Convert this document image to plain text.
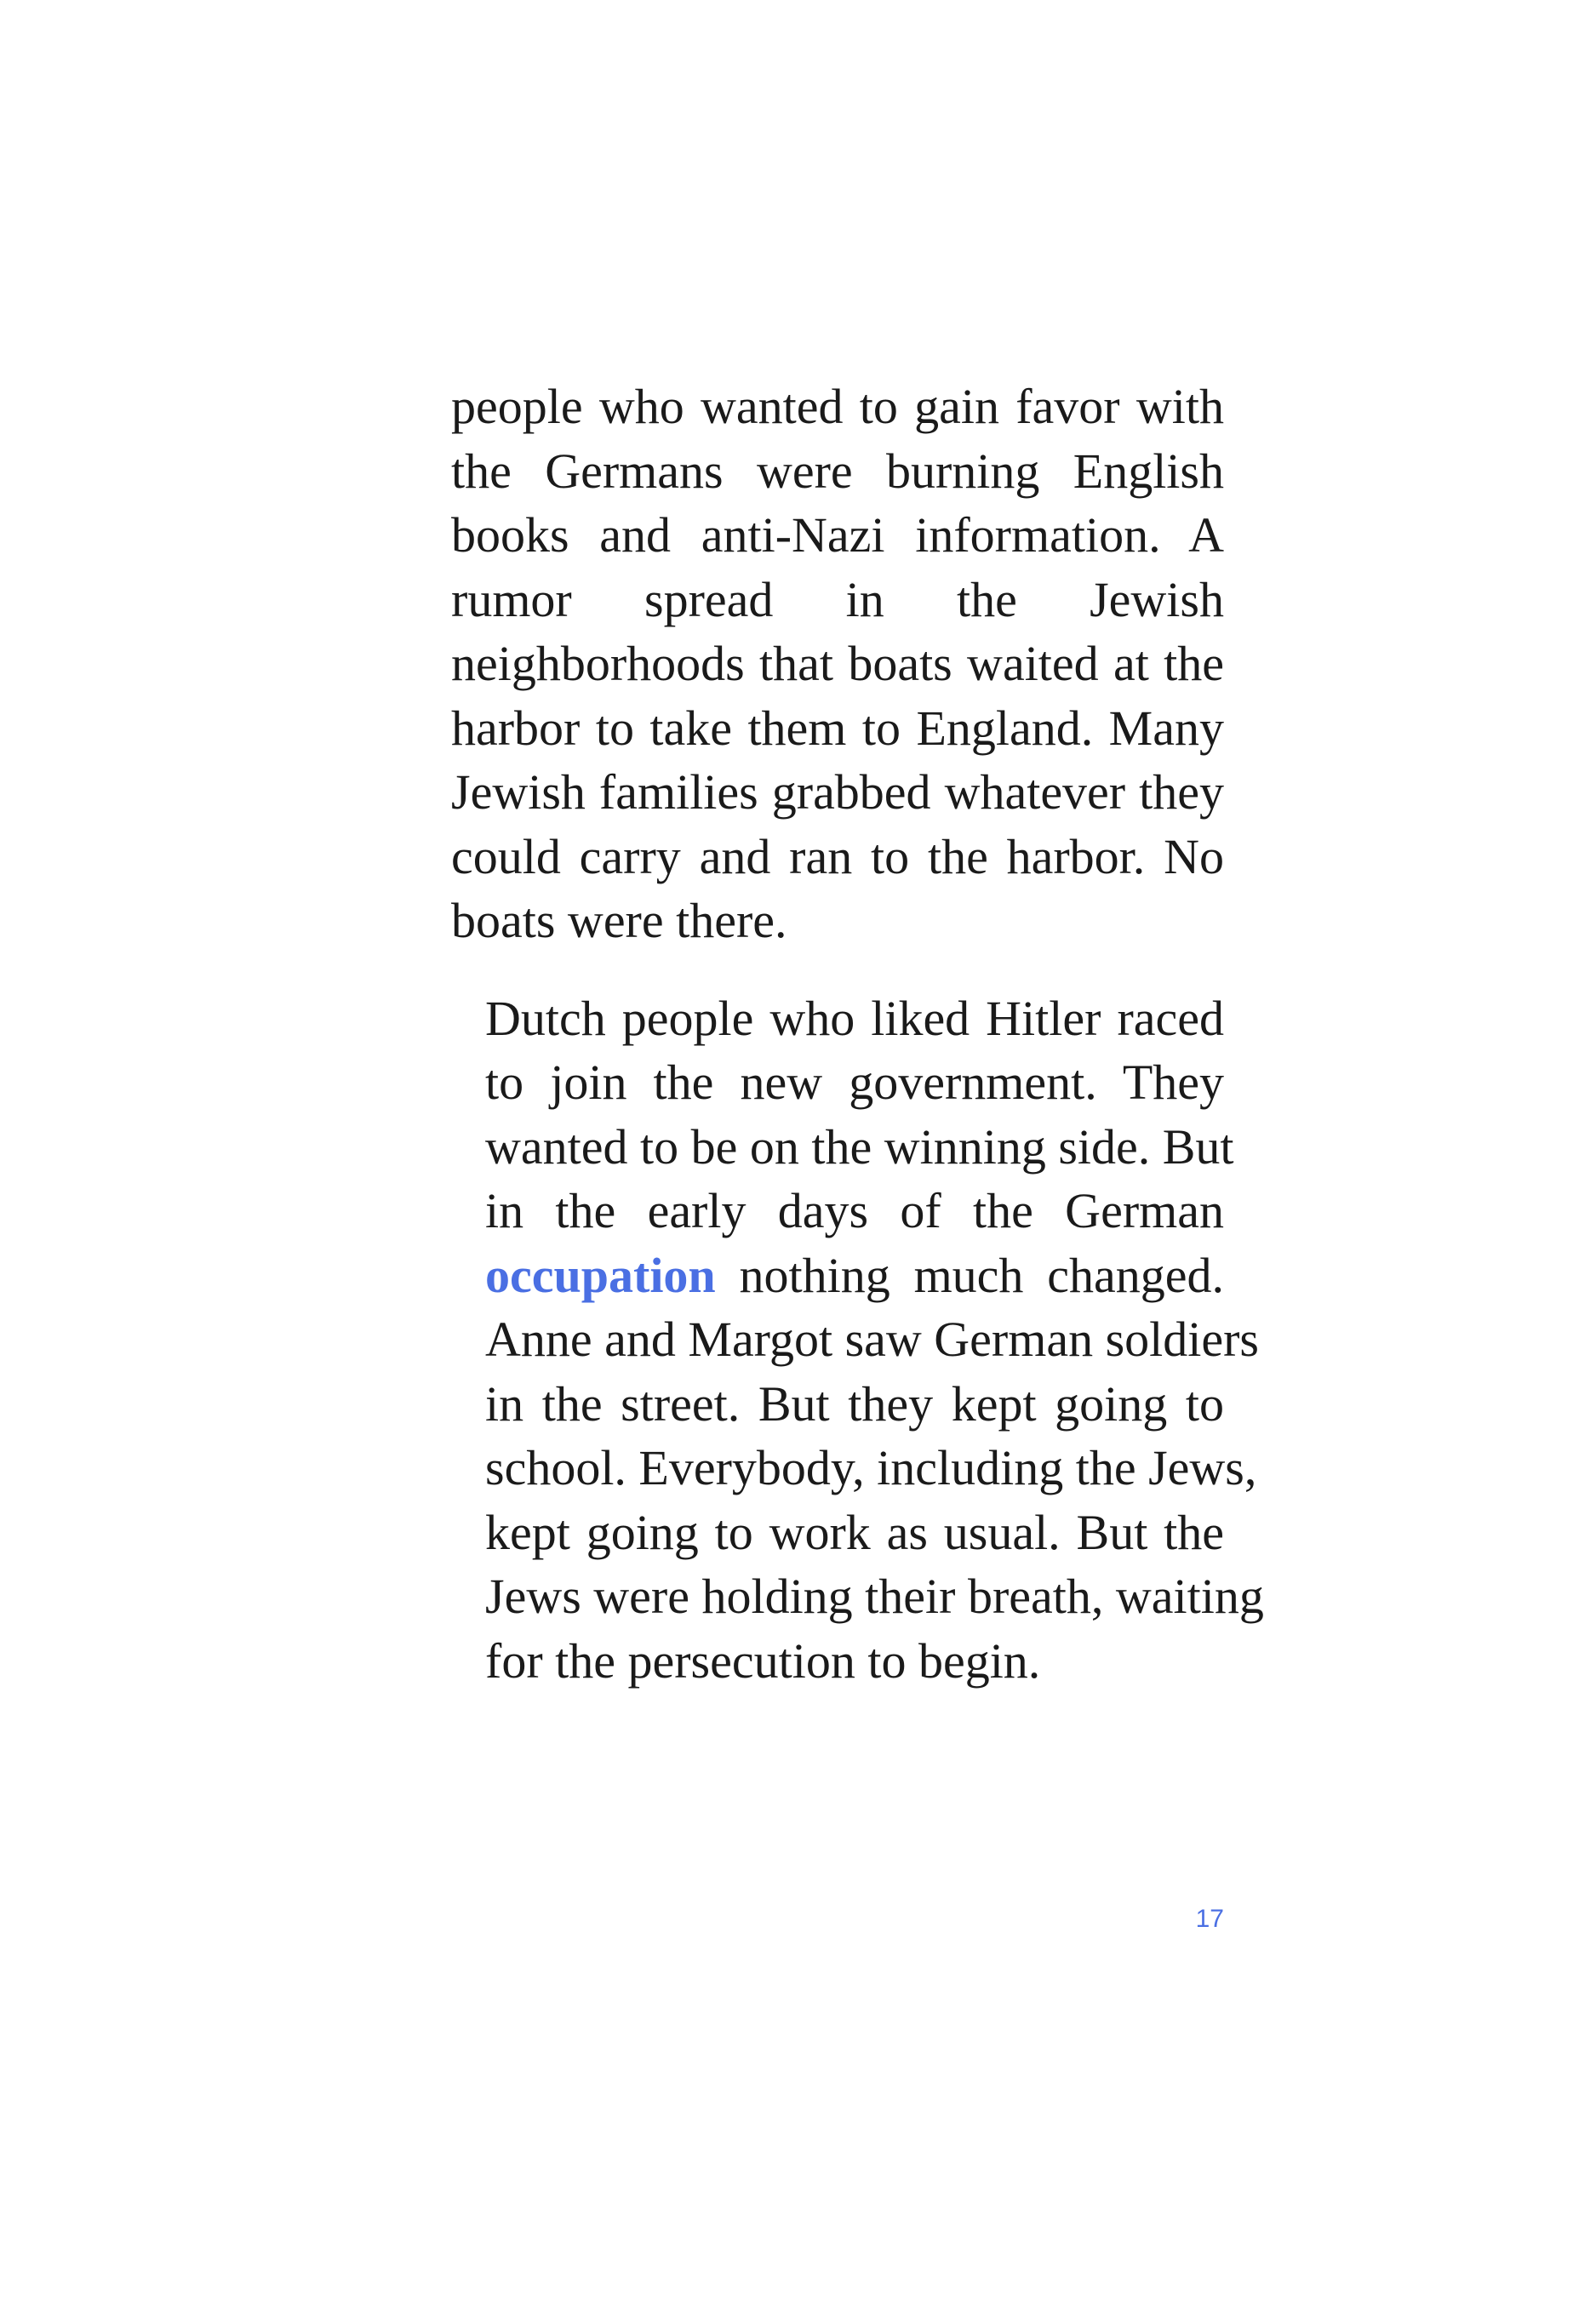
people who wanted to gain favor with
the Germans were burning English
books and anti-Nazi information. A
rumor spread in the Jewish
neighborhoods that boats waited at the
harbor to take them to England. Many
Jewish families grabbed whatever they
could carry and ran to the harbor. No
boats were there.

Dutch people who liked Hitler raced
to join the new government. They
wanted to be on the winning side. But
in the early days of the German
occupation nothing much changed.
Anne and Margot saw German soldiers
in the street. But they kept going to
school. Everybody, including the Jews,
kept going to work as usual. But the
Jews were holding their breath, waiting
for the persecution to begin.

17
